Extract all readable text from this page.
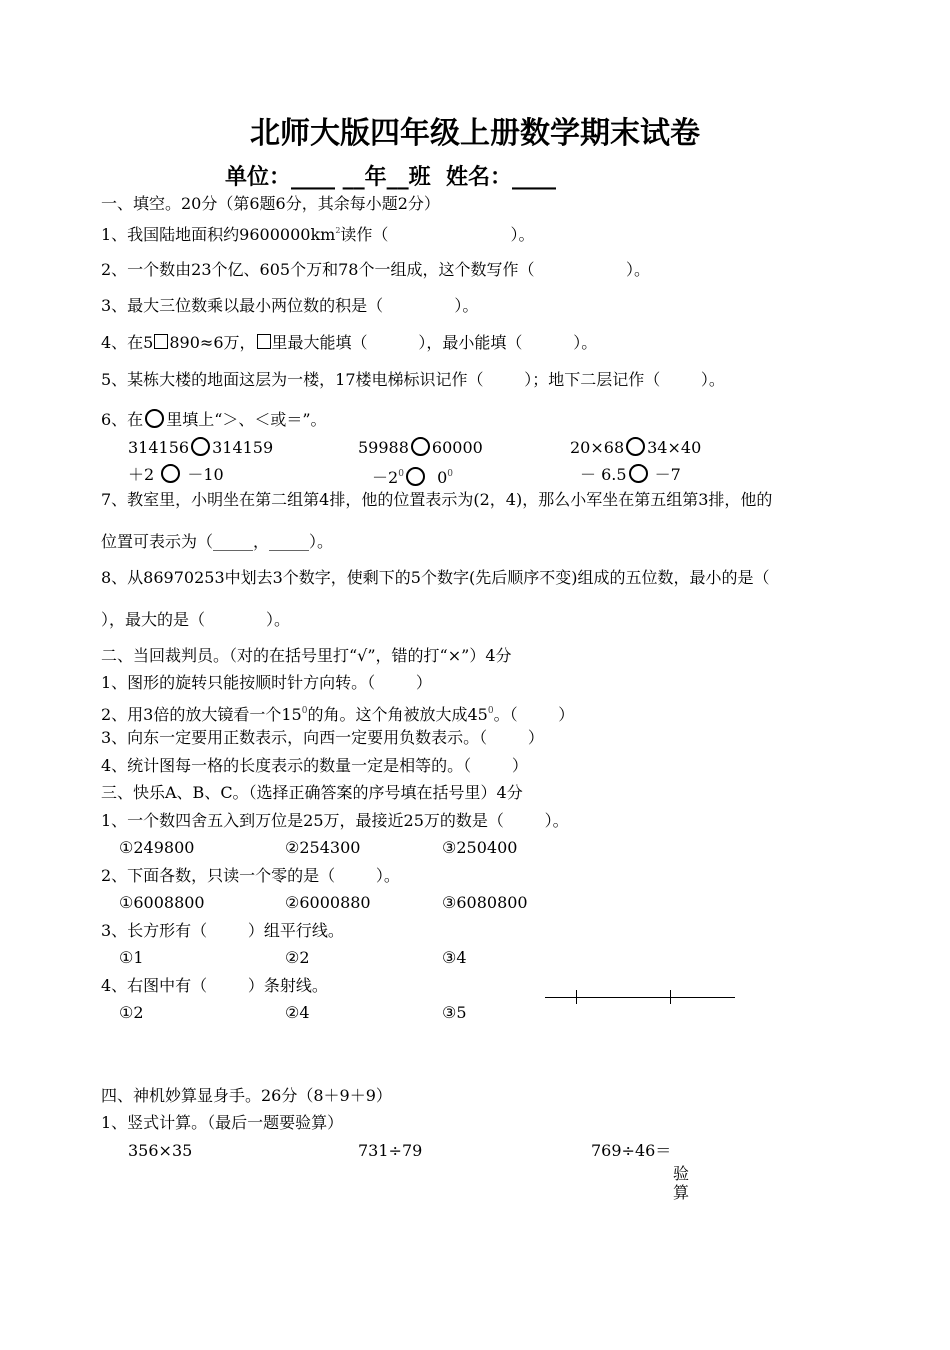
北师大版四年级上册数学期末试卷
单位：____ __年__班  姓名：____
一、填空。20分（第6题6分，其余每小题2分）
1、我国陆地面积约$9600000km^2$读作（                        ）。
2、一个数由23个亿、605个万和78个一组成，这个数写作（                  ）。
3、最大三位数乘以最小两位数的积是（              ）。
4、在5 890≈6万， 里最大能填（          ），最小能填（          ）。
5、某栋大楼的地面这层为一楼，17楼电梯标识记作（        ）；地下二层记作（        ）。
6、在 里填上“＞、＜或＝”。
314156 314159	59988 60000	20×68 34×40
＋2  －10	$-2^0$ $0^0$	－ 6.5 －7
7、教室里，小明坐在第二组第4排，他的位置表示为(2，4)，那么小军坐在第五组第3排，他的
位置可表示为（_____，_____）。
8、从86970253中划去3个数字，使剩下的5个数字(先后顺序不变)组成的五位数，最小的是（
），最大的是（            ）。
二、当回裁判员。（对的在括号里打“√”，错的打“×”）4分
1、图形的旋转只能按顺时针方向转。（        ）
2、用3倍的放大镜看一个$15^0$的角。这个角被放大成$45^0$。（        ）
3、向东一定要用正数表示，向西一定要用负数表示。（        ）
4、统计图每一格的长度表示的数量一定是相等的。（        ）
三、快乐A、B、C。（选择正确答案的序号填在括号里）4分
1、一个数四舍五入到万位是25万，最接近25万的数是（        ）。
①249800	②254300	③250400
2、下面各数，只读一个零的是（        ）。
①6008800	②6000880	③6080800
3、长方形有（        ）组平行线。
①1	②2	③4
4、右图中有（        ）条射线。
①2	②4	③5
四、神机妙算显身手。26分（8＋9＋9）
1、竖式计算。（最后一题要验算）
356×35	731÷79	769÷46＝
验
算
